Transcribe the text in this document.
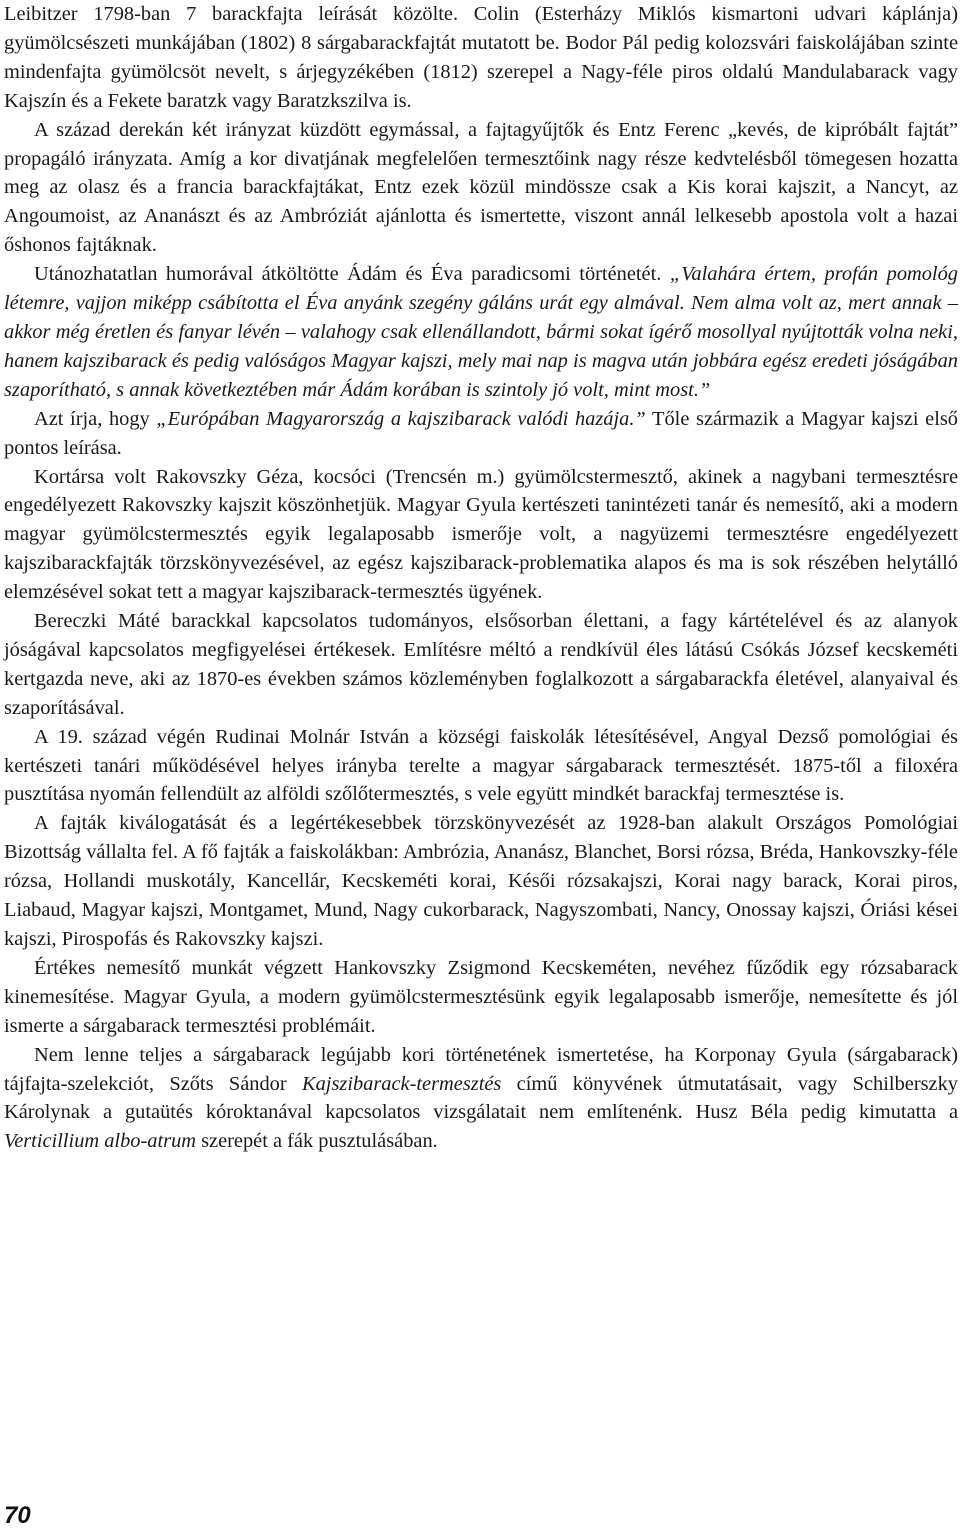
Leibitzer 1798-ban 7 barackfajta leírását közölte. Colin (Esterházy Miklós kismartoni udvari káplánja) gyümölcsészeti munkájában (1802) 8 sárgabarackfajtát mutatott be. Bodor Pál pedig kolozsvári faiskolájában szinte mindenfajta gyümölcsöt nevelt, s árjegyzékében (1812) szerepel a Nagy-féle piros oldalú Mandulabarack vagy Kajszín és a Fekete baratzk vagy Baratzkszilva is.

A század derekán két irányzat küzdött egymással, a fajtagyűjtők és Entz Ferenc „kevés, de kipróbált fajtát” propagáló irányzata. Amíg a kor divatjának megfelelően termesztőink nagy része kedvtelésből tömegesen hozatta meg az olasz és a francia barackfajtákat, Entz ezek közül mindössze csak a Kis korai kajszit, a Nancyt, az Angoumoist, az Ananászt és az Ambróziát ajánlotta és ismertette, viszont annál lelkesebb apostola volt a hazai őshonos fajtáknak.

Utánozhatatlan humorával átköltötte Ádám és Éva paradicsomi történetét. „Valahára értem, profán pomológ létemre, vajjon miképp csábította el Éva anyánk szegény gáláns urát egy almával. Nem alma volt az, mert annak – akkor még éretlen és fanyar lévén – valahogy csak ellenállandott, bármi sokat ígérő mosollyal nyújtották volna neki, hanem kajszibarack és pedig valóságos Magyar kajszi, mely mai nap is magva után jobbára egész eredeti jóságában szaporítható, s annak következtében már Ádám korában is szintoly jó volt, mint most.”

Azt írja, hogy „Európában Magyarország a kajszibarack valódi hazája.” Tőle származik a Magyar kajszi első pontos leírása.

Kortársa volt Rakovszky Géza, kocsóci (Trencsén m.) gyümölcstermesztő, akinek a nagybani termesztésre engedélyezett Rakovszky kajszit köszönhetjük. Magyar Gyula kertészeti tanintézeti tanár és nemesítő, aki a modern magyar gyümölcstermesztés egyik legalaposabb ismerője volt, a nagyüzemi termesztésre engedélyezett kajszibarackfajták törzskönyvezésével, az egész kajszibarack-problematika alapos és ma is sok részében helytálló elemzésével sokat tett a magyar kajszibarack-termesztés ügyének.

Bereczki Máté barackkal kapcsolatos tudományos, elsősorban élettani, a fagy kártételével és az alanyok jóságával kapcsolatos megfigyelései értékesek. Említésre méltó a rendkívül éles látású Csókás József kecskeméti kertgazda neve, aki az 1870-es években számos közleményben foglalkozott a sárgabarackfa életével, alanyaival és szaporításával.

A 19. század végén Rudinai Molnár István a községi faiskolák létesítésével, Angyal Dezső pomológiai és kertészeti tanári működésével helyes irányba terelte a magyar sárgabarack termesztését. 1875-től a filoxéra pusztítása nyomán fellendült az alföldi szőlőtermesztés, s vele együtt mindkét barackfaj termesztése is.

A fajták kiválogatását és a legértékesebbek törzskönyvezését az 1928-ban alakult Országos Pomológiai Bizottság vállalta fel. A fő fajták a faiskolákban: Ambrózia, Ananász, Blanchet, Borsi rózsa, Bréda, Hankovszky-féle rózsa, Hollandi muskotály, Kancellár, Kecskeméti korai, Késői rózsakajszi, Korai nagy barack, Korai piros, Liabaud, Magyar kajszi, Montgamet, Mund, Nagy cukorbarack, Nagyszombati, Nancy, Onossay kajszi, Óriási kései kajszi, Pirospofás és Rakovszky kajszi.

Értékes nemesítő munkát végzett Hankovszky Zsigmond Kecskeméten, nevéhez fűződik egy rózsabarack kinemesítése. Magyar Gyula, a modern gyümölcstermesztésünk egyik legalaposabb ismerője, nemesítette és jól ismerte a sárgabarack termesztési problémáit.

Nem lenne teljes a sárgabarack legújabb kori történetének ismertetése, ha Korponay Gyula (sárgabarack) tájfajta-szelekciót, Szőts Sándor Kajszibarack-termesztés című könyvének útmutatásait, vagy Schilberszky Károlynak a gutaütés kóroktanával kapcsolatos vizsgálatait nem említenénk. Husz Béla pedig kimutatta a Verticillium albo-atrum szerepét a fák pusztulásában.

70
